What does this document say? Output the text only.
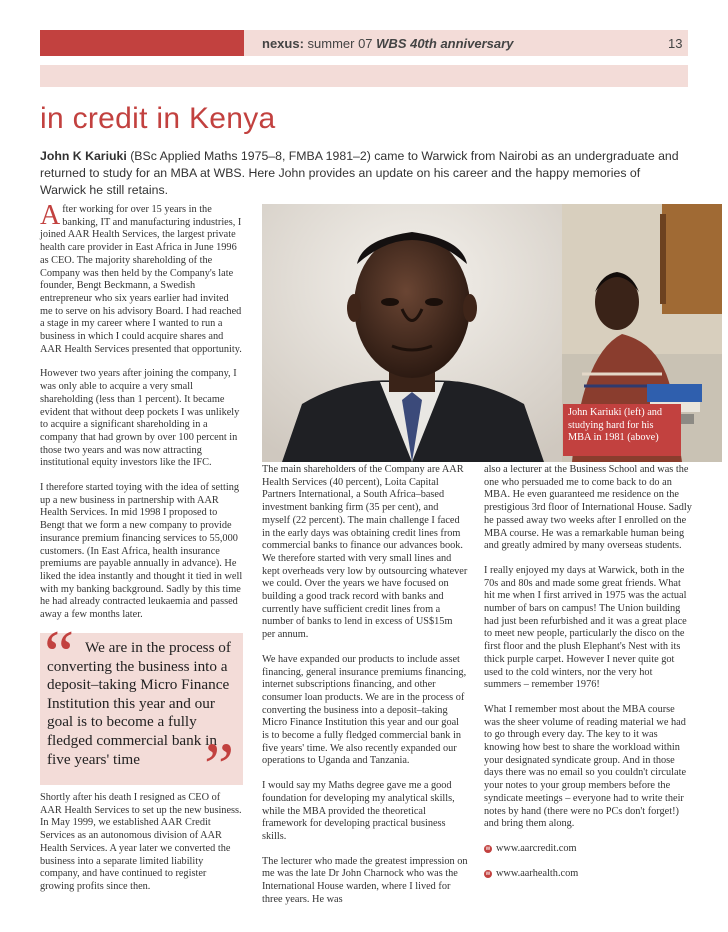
nexus: summer 07 WBS 40th anniversary	13
in credit in Kenya
John K Kariuki (BSc Applied Maths 1975–8, FMBA 1981–2) came to Warwick from Nairobi as an undergraduate and returned to study for an MBA at WBS. Here John provides an update on his career and the happy memories of Warwick he still retains.

After working for over 15 years in the banking, IT and manufacturing industries, I joined AAR Health Services, the largest private health care provider in East Africa in June 1996 as CEO. The majority shareholding of the Company was then held by the Company's late founder, Bengt Beckmann, a Swedish entrepreneur who six years earlier had invited me to serve on his advisory Board. I had reached a stage in my career where I wanted to run a business in which I could acquire shares and AAR Health Services presented that opportunity.

However two years after joining the company, I was only able to acquire a very small shareholding (less than 1 percent). It became evident that without deep pockets I was unlikely to acquire a significant shareholding in a company that had grown by over 100 percent in those two years and was now attracting institutional equity investors like the IFC.

I therefore started toying with the idea of setting up a new business in partnership with AAR Health Services. In mid 1998 I proposed to Bengt that we form a new company to provide insurance premium financing services to 55,000 customers. (In East Africa, health insurance premiums are payable annually in advance). He liked the idea instantly and thought it tied in well with my banking background. Sadly by this time he had already contracted leukaemia and passed away a few months later.

“ We are in the process of converting the business into a deposit–taking Micro Finance Institution this year and our goal is to become a fully fledged commercial bank in five years' time ”

Shortly after his death I resigned as CEO of AAR Health Services to set up the new business. In May 1999, we established AAR Credit Services as an autonomous division of AAR Health Services. A year later we converted the business into a separate limited liability company, and have continued to register growing profits since then.

John Kariuki (left) and studying hard for his MBA in 1981 (above)

The main shareholders of the Company are AAR Health Services (40 percent), Loita Capital Partners International, a South Africa–based investment banking firm (35 per cent), and myself (22 percent). The main challenge I faced in the early days was obtaining credit lines from commercial banks to finance our advances book. We therefore started with very small lines and kept overheads very low by outsourcing whatever we could. Over the years we have focused on building a good track record with banks and currently have sufficient credit lines from a number of banks to lend in excess of US$15m per annum.

We have expanded our products to include asset financing, general insurance premiums financing, internet subscriptions financing, and other consumer loan products. We are in the process of converting the business into a deposit–taking Micro Finance Institution this year and our goal is to become a fully fledged commercial bank in five years' time. We also recently expanded our operations to Uganda and Tanzania.

I would say my Maths degree gave me a good foundation for developing my analytical skills, while the MBA provided the theoretical framework for developing practical business skills.

The lecturer who made the greatest impression on me was the late Dr John Charnock who was the International House warden, where I lived for three years. He was

also a lecturer at the Business School and was the one who persuaded me to come back to do an MBA. He even guaranteed me residence on the prestigious 3rd floor of International House. Sadly he passed away two weeks after I enrolled on the MBA course. He was a remarkable human being and greatly admired by many overseas students.

I really enjoyed my days at Warwick, both in the 70s and 80s and made some great friends. What hit me when I first arrived in 1975 was the actual number of bars on campus! The Union building had just been refurbished and it was a great place to meet new people, particularly the disco on the first floor and the plush Elephant's Nest with its thick purple carpet. However I never quite got used to the cold winters, nor the very hot summers – remember 1976!

What I remember most about the MBA course was the sheer volume of reading material we had to go through every day. The key to it was knowing how best to share the workload within your designated syndicate group. And in those days there was no email so you couldn't circulate your notes to your group members before the syndicate meetings – everyone had to write their notes by hand (there were no PCs don't forget!) and bring them along.

w www.aarcredit.com

w www.aarhealth.com
